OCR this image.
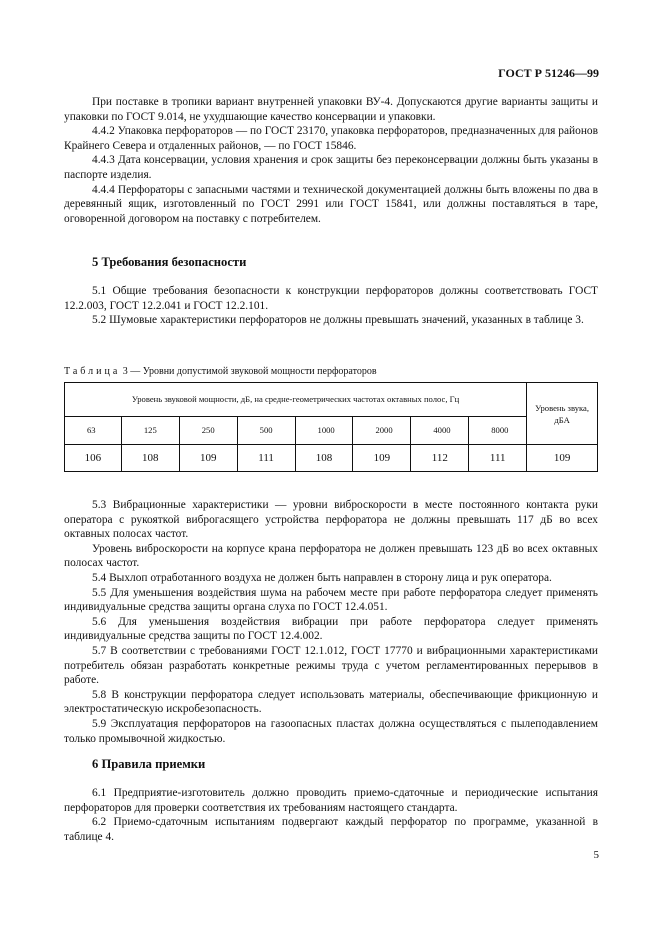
ГОСТ Р 51246—99

При поставке в тропики вариант внутренней упаковки ВУ-4. Допускаются другие варианты защиты и упаковки по ГОСТ 9.014, не ухудшающие качество консервации и упаковки.

4.4.2 Упаковка перфораторов — по ГОСТ 23170, упаковка перфораторов, предназначенных для районов Крайнего Севера и отдаленных районов, — по ГОСТ 15846.

4.4.3 Дата консервации, условия хранения и срок защиты без переконсервации должны быть указаны в паспорте изделия.

4.4.4 Перфораторы с запасными частями и технической документацией должны быть вложены по два в деревянный ящик, изготовленный по ГОСТ 2991 или ГОСТ 15841, или должны поставляться в таре, оговоренной договором на поставку с потребителем.

5 Требования безопасности

5.1 Общие требования безопасности к конструкции перфораторов должны соответствовать ГОСТ 12.2.003, ГОСТ 12.2.041 и ГОСТ 12.2.101.

5.2 Шумовые характеристики перфораторов не должны превышать значений, указанных в таблице 3.

Таблица 3 — Уровни допустимой звуковой мощности перфораторов
Уровень звуковой мощности, дБ, на средне-геометрических частотах октавных полос, Гц								Уровень звука, дБА
63	125	250	500	1000	2000	4000	8000	
106	108	109	111	108	109	112	111	109

5.3 Вибрационные характеристики — уровни виброскорости в месте постоянного контакта руки оператора с рукояткой виброгасящего устройства перфоратора не должны превышать 117 дБ во всех октавных полосах частот.

Уровень виброскорости на корпусе крана перфоратора не должен превышать 123 дБ во всех октавных полосах частот.

5.4 Выхлоп отработанного воздуха не должен быть направлен в сторону лица и рук оператора.

5.5 Для уменьшения воздействия шума на рабочем месте при работе перфоратора следует применять индивидуальные средства защиты органа слуха по ГОСТ 12.4.051.

5.6 Для уменьшения воздействия вибрации при работе перфоратора следует применять индивидуальные средства защиты по ГОСТ 12.4.002.

5.7 В соответствии с требованиями ГОСТ 12.1.012, ГОСТ 17770 и вибрационными характеристиками потребитель обязан разработать конкретные режимы труда с учетом регламентированных перерывов в работе.

5.8 В конструкции перфоратора следует использовать материалы, обеспечивающие фрикционную и электростатическую искробезопасность.

5.9 Эксплуатация перфораторов на газоопасных пластах должна осуществляться с пылеподавлением только промывочной жидкостью.

6 Правила приемки

6.1 Предприятие-изготовитель должно проводить приемо-сдаточные и периодические испытания перфораторов для проверки соответствия их требованиям настоящего стандарта.

6.2 Приемо-сдаточным испытаниям подвергают каждый перфоратор по программе, указанной в таблице 4.

5
